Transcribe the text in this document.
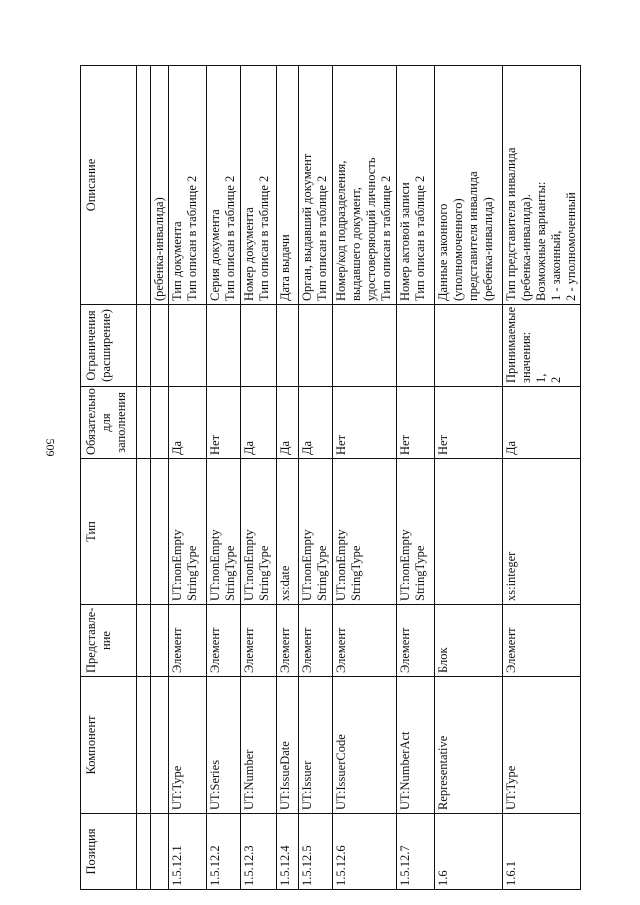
509
Позиция	Компонент	Представле- ние	Тип	Обязательно для заполнения	Ограничения (расширение)	Описание

						(ребенка-инвалида)

1.5.12.1	UT:Type	Элемент	UT:nonEmpty StringType	Да		Тип документа Тип описан в таблице 2

1.5.12.2	UT:Series	Элемент	UT:nonEmpty StringType	Нет		Серия документа Тип описан в таблице 2

1.5.12.3	UT:Number	Элемент	UT:nonEmpty StringType	Да		Номер документа Тип описан в таблице 2

1.5.12.4	UT:IssueDate	Элемент	xs:date	Да		Дата выдачи

1.5.12.5	UT:Issuer	Элемент	UT:nonEmpty StringType	Да		Орган, выдавший документ Тип описан в таблице 2

1.5.12.6	UT:IssuerCode	Элемент	UT:nonEmpty StringType	Нет		Номер/код подразделения, выдавшего документ, удостоверяющий личность Тип описан в таблице 2

1.5.12.7	UT:NumberAct	Элемент	UT:nonEmpty StringType	Нет		Номер актовой записи Тип описан в таблице 2

1.6	Representative	Блок		Нет		Данные законного (уполномоченного) представителя инвалида (ребенка-инвалида)

1.6.1	UT:Type	Элемент	xs:integer	Да	Принимаемые значения: 1, 2	Тип представителя инвалида (ребенка-инвалида). Возможные варианты: 1 - законный, 2 - уполномоченный
